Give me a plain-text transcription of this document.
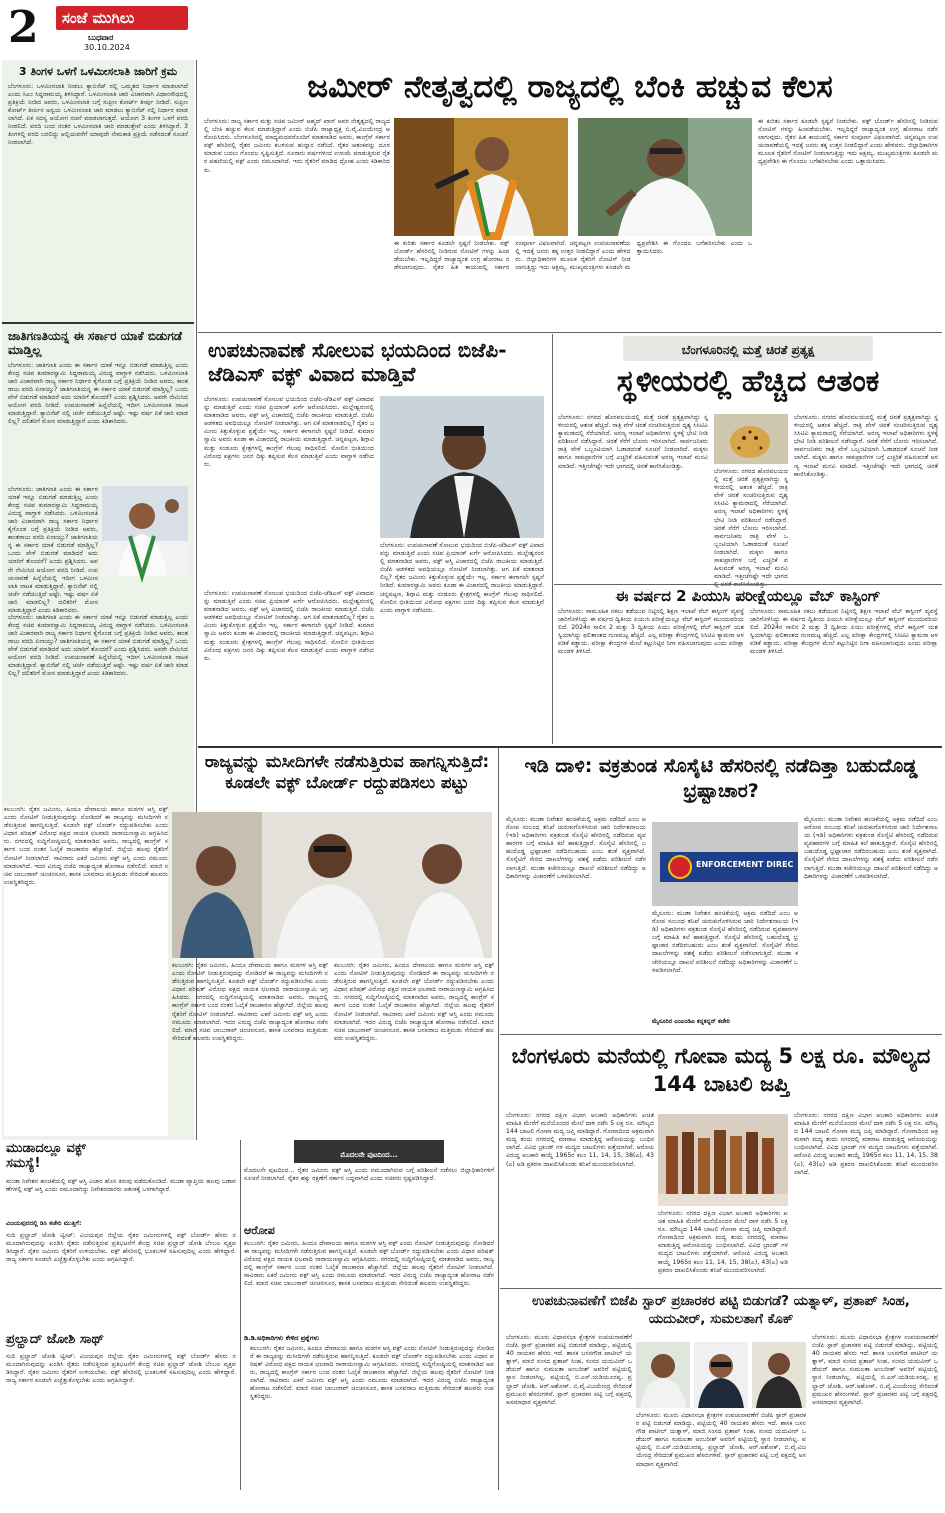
2	ಸಂಜೆ ಮುಗಿಲು
ಬುಧವಾರ
30.10.2024
3 ತಿಂಗಳ ಒಳಗೆ ಒಳಮೀಸಲಾತಿ ಜಾರಿಗೆ ಕ್ರಮ
ಬೆಂಗಳೂರು: ಒಳಮೀಸಲಾತಿ ನೀಡಲು ಕ್ಯಾಬಿನೆಟ್ ನಲ್ಲಿ ಒಮ್ಮತದ ನಿರ್ಧಾರ ಮಾಡಲಾಗಿದೆ ಎಂದು ಸಿಎಂ ಸಿದ್ದರಾಮಯ್ಯ ತಿಳಿಸಿದ್ದಾರೆ. ಒಳಮೀಸಲಾತಿ ಜಾರಿ ವಿಚಾರವಾಗಿ ವಿಧಾನಸೌಧದಲ್ಲಿ ಪ್ರತಿಕ್ರಿಯೆ ನೀಡಿದ ಅವರು, ಒಳಮೀಸಲಾತಿ ಬಗ್ಗೆ ಸುಪ್ರೀಂ ಕೋರ್ಟ್ ತೀರ್ಪು ನೀಡಿದೆ. ಸುಪ್ರೀಂ ಕೋರ್ಟ್ ತೀರ್ಪಿನ ಅನ್ವಯ ಒಳಮೀಸಲಾತಿ ಜಾರಿ ಮಾಡಲು ಕ್ಯಾಬಿನೆಟ್ ನಲ್ಲಿ ನಿರ್ಧಾರ ಮಾಡಲಾಗಿದೆ. ಏಕ ಸದಸ್ಯ ಆಯೋಗ ರಚನೆ ಮಾಡಲಾಗುತ್ತದೆ. ಆಯೋಗ 3 ತಿಂಗಳ ಒಳಗೆ ವರದಿ ನೀಡಲಿದೆ. ವರದಿ ಬಂದ ನಂತರ ಒಳಮೀಸಲಾತಿ ಜಾರಿ ಮಾಡುತ್ತೇವೆ ಎಂದು ತಿಳಿಸಿದ್ದಾರೆ. 3 ತಿಂಗಳಲ್ಲಿ ವರದಿ ಬರಲಿದ್ದು ಅಲ್ಲಿಯವರೆಗೆ ಯಾವುದೇ ನೇಮಕಾತಿ ಪ್ರಕ್ರಿಯೆ ನಡೆಸದಂತೆ ಸೂಚನೆ ನೀಡಲಾಗಿದೆ.
ಜಾತಿಗಣತಿಯನ್ನ ಈ ಸರ್ಕಾರ ಯಾಕೆ ಬಿಡುಗಡೆ ಮಾಡ್ತಿಲ್ಲ
ಬೆಂಗಳೂರು: ಜಾತಿಗಣತಿ ಎಂದು ಈ ಸರ್ಕಾರ ಯಾಕೆ ಇನ್ನೂ ಬಿಡುಗಡೆ ಮಾಡುತ್ತಿಲ್ಲ ಎಂದು ಕೇಂದ್ರ ಸಚಿವ ಕುಮಾರಸ್ವಾಮಿ ಸಿದ್ದರಾಮಯ್ಯ ವಿರುದ್ಧ ವಾಗ್ದಾಳಿ ನಡೆಸಿದರು. ಒಳಮೀಸಲಾತಿ ಜಾರಿ ವಿಚಾರವಾಗಿ ರಾಜ್ಯ ಸರ್ಕಾರ ನಿರ್ಧಾರ ಕೈಗೊಂಡ ಬಗ್ಗೆ ಪ್ರತಿಕ್ರಿಯೆ ನೀಡಿದ ಅವರು, ಕಾಂತರಾಜು ವರದಿ ಏನಾಯ್ತು? ಜಾತಿಗಣತಿಯನ್ನ ಈ ಸರ್ಕಾರ ಯಾಕೆ ಬಿಡುಗಡೆ ಮಾಡ್ತಿಲ್ಲ? ಒಂದು ವೇಳೆ ಬಿಡುಗಡೆ ಮಾಡಿದರೆ ಅದು ಯಾರಿಗೆ ತೊಂದರೆ? ಎಂದು ಪ್ರಶ್ನಿಸಿದರು. ಅವರೇ ನೇಮಿಸಿದ ಆಯೋಗ ವರದಿ ನೀಡಿದೆ. ಉಪಚುನಾವಣೆ ಹಿನ್ನೆಲೆಯಲ್ಲಿ ಇದೀಗ ಒಳಮೀಸಲಾತಿ ನಾಟಕ ಮಾಡುತ್ತಿದ್ದಾರೆ. ಕ್ಯಾಬಿನೆಟ್ ನಲ್ಲಿ ಚರ್ಚೆ ನಡೆಯುತ್ತಿದೆ ಅಷ್ಟೇ. ಇಷ್ಟು ವರ್ಷ ಏಕೆ ಜಾರಿ ಮಾಡಲಿಲ್ಲ? ದಲಿತರಿಗೆ ಮೋಸ ಮಾಡುತ್ತಿದ್ದಾರೆ ಎಂದು ಕಿಡಿಕಾರಿದರು.
ಬೆಂಗಳೂರು: ಜಾತಿಗಣತಿ ಎಂದು ಈ ಸರ್ಕಾರ ಯಾಕೆ ಇನ್ನೂ ಬಿಡುಗಡೆ ಮಾಡುತ್ತಿಲ್ಲ ಎಂದು ಕೇಂದ್ರ ಸಚಿವ ಕುಮಾರಸ್ವಾಮಿ ಸಿದ್ದರಾಮಯ್ಯ ವಿರುದ್ಧ ವಾಗ್ದಾಳಿ ನಡೆಸಿದರು. ಒಳಮೀಸಲಾತಿ ಜಾರಿ ವಿಚಾರವಾಗಿ ರಾಜ್ಯ ಸರ್ಕಾರ ನಿರ್ಧಾರ ಕೈಗೊಂಡ ಬಗ್ಗೆ ಪ್ರತಿಕ್ರಿಯೆ ನೀಡಿದ ಅವರು, ಕಾಂತರಾಜು ವರದಿ ಏನಾಯ್ತು? ಜಾತಿಗಣತಿಯನ್ನ ಈ ಸರ್ಕಾರ ಯಾಕೆ ಬಿಡುಗಡೆ ಮಾಡ್ತಿಲ್ಲ? ಒಂದು ವೇಳೆ ಬಿಡುಗಡೆ ಮಾಡಿದರೆ ಅದು ಯಾರಿಗೆ ತೊಂದರೆ? ಎಂದು ಪ್ರಶ್ನಿಸಿದರು. ಅವರೇ ನೇಮಿಸಿದ ಆಯೋಗ ವರದಿ ನೀಡಿದೆ. ಉಪಚುನಾವಣೆ ಹಿನ್ನೆಲೆಯಲ್ಲಿ ಇದೀಗ ಒಳಮೀಸಲಾತಿ ನಾಟಕ ಮಾಡುತ್ತಿದ್ದಾರೆ. ಕ್ಯಾಬಿನೆಟ್ ನಲ್ಲಿ ಚರ್ಚೆ ನಡೆಯುತ್ತಿದೆ ಅಷ್ಟೇ. ಇಷ್ಟು ವರ್ಷ ಏಕೆ ಜಾರಿ ಮಾಡಲಿಲ್ಲ? ದಲಿತರಿಗೆ ಮೋಸ ಮಾಡುತ್ತಿದ್ದಾರೆ ಎಂದು ಕಿಡಿಕಾರಿದರು.
ಬೆಂಗಳೂರು: ಜಾತಿಗಣತಿ ಎಂದು ಈ ಸರ್ಕಾರ ಯಾಕೆ ಇನ್ನೂ ಬಿಡುಗಡೆ ಮಾಡುತ್ತಿಲ್ಲ ಎಂದು ಕೇಂದ್ರ ಸಚಿವ ಕುಮಾರಸ್ವಾಮಿ ಸಿದ್ದರಾಮಯ್ಯ ವಿರುದ್ಧ ವಾಗ್ದಾಳಿ ನಡೆಸಿದರು. ಒಳಮೀಸಲಾತಿ ಜಾರಿ ವಿಚಾರವಾಗಿ ರಾಜ್ಯ ಸರ್ಕಾರ ನಿರ್ಧಾರ ಕೈಗೊಂಡ ಬಗ್ಗೆ ಪ್ರತಿಕ್ರಿಯೆ ನೀಡಿದ ಅವರು, ಕಾಂತರಾಜು ವರದಿ ಏನಾಯ್ತು? ಜಾತಿಗಣತಿಯನ್ನ ಈ ಸರ್ಕಾರ ಯಾಕೆ ಬಿಡುಗಡೆ ಮಾಡ್ತಿಲ್ಲ? ಒಂದು ವೇಳೆ ಬಿಡುಗಡೆ ಮಾಡಿದರೆ ಅದು ಯಾರಿಗೆ ತೊಂದರೆ? ಎಂದು ಪ್ರಶ್ನಿಸಿದರು. ಅವರೇ ನೇಮಿಸಿದ ಆಯೋಗ ವರದಿ ನೀಡಿದೆ. ಉಪಚುನಾವಣೆ ಹಿನ್ನೆಲೆಯಲ್ಲಿ ಇದೀಗ ಒಳಮೀಸಲಾತಿ ನಾಟಕ ಮಾಡುತ್ತಿದ್ದಾರೆ. ಕ್ಯಾಬಿನೆಟ್ ನಲ್ಲಿ ಚರ್ಚೆ ನಡೆಯುತ್ತಿದೆ ಅಷ್ಟೇ. ಇಷ್ಟು ವರ್ಷ ಏಕೆ ಜಾರಿ ಮಾಡಲಿಲ್ಲ? ದಲಿತರಿಗೆ ಮೋಸ ಮಾಡುತ್ತಿದ್ದಾರೆ ಎಂದು ಕಿಡಿಕಾರಿದರು.
ಮುಡಾದಲ್ಲೂ ವಕ್ಫ್ ಸಮಸ್ಯೆ!
ಮುಡಾ ನಿವೇಶನ ಹಂಚಿಕೆಯಲ್ಲಿ ವಕ್ಫ್ ಆಸ್ತಿ ವಿಚಾರ ಹೊಸ ತಿರುವು ಪಡೆದುಕೊಂಡಿದೆ. ಮುಡಾ ವ್ಯಾಪ್ತಿಯ ಹಲವು ಬಡಾವಣೆಗಳಲ್ಲಿ ವಕ್ಫ್ ಆಸ್ತಿ ಎಂದು ನಮೂದಾಗಿದ್ದು ನಿವೇಶನದಾರರು ಆತಂಕಕ್ಕೆ ಒಳಗಾಗಿದ್ದಾರೆ.
ವಿಜಯಪುರದಲ್ಲಿ ಡಿಸಿ ಕಚೇರಿ ಮುತ್ತಿಗೆ:
ಸುದಿ ಪ್ರಲ್ಹಾದ್ ಜೋಶಿ ಟ್ವೀಟ್: ವಿಜಯಪುರ ಜಿಲ್ಲೆಯ ರೈತರ ಜಮೀನುಗಳಲ್ಲಿ ವಕ್ಫ್ ಬೋರ್ಡ್ ಹೆಸರು ನಮೂದಾಗಿರುವುದನ್ನು ಖಂಡಿಸಿ ರೈತರು ನಡೆಸುತ್ತಿರುವ ಪ್ರತಿಭಟನೆಗೆ ಕೇಂದ್ರ ಸಚಿವ ಪ್ರಲ್ಹಾದ್ ಜೋಶಿ ಬೆಂಬಲ ವ್ಯಕ್ತಪಡಿಸಿದ್ದಾರೆ. ರೈತರ ಜಮೀನು ರೈತರಿಗೆ ಉಳಿಯಬೇಕು. ವಕ್ಫ್ ಹೆಸರಿನಲ್ಲಿ ಭೂಕಬಳಿಕೆ ಸಹಿಸುವುದಿಲ್ಲ ಎಂದು ಹೇಳಿದ್ದಾರೆ. ರಾಜ್ಯ ಸರ್ಕಾರ ಕೂಡಲೇ ಎಚ್ಚೆತ್ತುಕೊಳ್ಳಬೇಕು ಎಂದು ಆಗ್ರಹಿಸಿದ್ದಾರೆ.
ಪ್ರಲ್ಹಾದ್ ಜೋಶಿ ಸಾಥ್
ಸುದಿ ಪ್ರಲ್ಹಾದ್ ಜೋಶಿ ಟ್ವೀಟ್: ವಿಜಯಪುರ ಜಿಲ್ಲೆಯ ರೈತರ ಜಮೀನುಗಳಲ್ಲಿ ವಕ್ಫ್ ಬೋರ್ಡ್ ಹೆಸರು ನಮೂದಾಗಿರುವುದನ್ನು ಖಂಡಿಸಿ ರೈತರು ನಡೆಸುತ್ತಿರುವ ಪ್ರತಿಭಟನೆಗೆ ಕೇಂದ್ರ ಸಚಿವ ಪ್ರಲ್ಹಾದ್ ಜೋಶಿ ಬೆಂಬಲ ವ್ಯಕ್ತಪಡಿಸಿದ್ದಾರೆ. ರೈತರ ಜಮೀನು ರೈತರಿಗೆ ಉಳಿಯಬೇಕು. ವಕ್ಫ್ ಹೆಸರಿನಲ್ಲಿ ಭೂಕಬಳಿಕೆ ಸಹಿಸುವುದಿಲ್ಲ ಎಂದು ಹೇಳಿದ್ದಾರೆ. ರಾಜ್ಯ ಸರ್ಕಾರ ಕೂಡಲೇ ಎಚ್ಚೆತ್ತುಕೊಳ್ಳಬೇಕು ಎಂದು ಆಗ್ರಹಿಸಿದ್ದಾರೆ.
ಜಮೀರ್ ನೇತೃತ್ವದಲ್ಲಿ ರಾಜ್ಯದಲ್ಲಿ ಬೆಂಕಿ ಹಚ್ಚುವ ಕೆಲಸ
ಬೆಂಗಳೂರು: ರಾಜ್ಯ ಸರ್ಕಾರ ಮತ್ತು ಸಚಿವ ಜಮೀರ್ ಅಹ್ಮದ್ ಖಾನ್ ಅವರ ನೇತೃತ್ವದಲ್ಲಿ ರಾಜ್ಯದಲ್ಲಿ ಬೆಂಕಿ ಹಚ್ಚುವ ಕೆಲಸ ಮಾಡುತ್ತಿದ್ದಾರೆ ಎಂದು ಬಿಜೆಪಿ ರಾಜ್ಯಾಧ್ಯಕ್ಷ ಬಿ.ವೈ.ವಿಜಯೇಂದ್ರ ಆರೋಪಿಸಿದರು. ಬೆಂಗಳೂರಿನಲ್ಲಿ ಮಾಧ್ಯಮದವರೊಂದಿಗೆ ಮಾತನಾಡಿದ ಅವರು, ಕಾಂಗ್ರೆಸ್ ಸರ್ಕಾರ ವಕ್ಫ್ ಹೆಸರಿನಲ್ಲಿ ರೈತರ ಜಮೀನು ಕಬಳಿಸುವ ಹುನ್ನಾರ ನಡೆಸಿದೆ. ರೈತರ ಆತಂಕವನ್ನು ದೂರ ಮಾಡುವ ಬದಲು ಗೊಂದಲ ಸೃಷ್ಟಿಸುತ್ತಿದೆ. ನೂರಾರು ವರ್ಷಗಳಿಂದ ಉಳುಮೆ ಮಾಡುತ್ತಿರುವ ರೈತರ ಪಹಣಿಯಲ್ಲಿ ವಕ್ಫ್ ಎಂದು ನಮೂದಾಗಿದೆ. ಇದು ರೈತರಿಗೆ ಮಾಡಿದ ದ್ರೋಹ ಎಂದು ಕಿಡಿಕಾರಿದರು.
ಈ ಕುರಿತು ಸರ್ಕಾರ ಕೂಡಲೇ ಸ್ಪಷ್ಟನೆ ನೀಡಬೇಕು. ವಕ್ಫ್ ಬೋರ್ಡ್ ಹೆಸರಿನಲ್ಲಿ ನೀಡಿರುವ ನೋಟಿಸ್ ಗಳನ್ನು ಹಿಂಪಡೆಯಬೇಕು. ಇಲ್ಲದಿದ್ದರೆ ರಾಜ್ಯಾದ್ಯಂತ ಉಗ್ರ ಹೋರಾಟ ನಡೆಸಲಾಗುವುದು. ರೈತರ ಹಿತ ಕಾಯುವಲ್ಲಿ ಸರ್ಕಾರ ಸಂಪೂರ್ಣ ವಿಫಲವಾಗಿದೆ. ಚನ್ನಪಟ್ಟಣ ಉಪಚುನಾವಣೆಯಲ್ಲಿ ಇದಕ್ಕೆ ಜನರು ತಕ್ಕ ಉತ್ತರ ನೀಡಲಿದ್ದಾರೆ ಎಂದು ಹೇಳಿದರು. ಜಿಲ್ಲಾಧಿಕಾರಿಗಳ ಮೂಲಕ ರೈತರಿಗೆ ನೋಟಿಸ್ ನೀಡಲಾಗುತ್ತಿದ್ದು ಇದು ಅಕ್ಷಮ್ಯ. ಮುಖ್ಯಮಂತ್ರಿಗಳು ಕೂಡಲೇ ಮಧ್ಯಪ್ರವೇಶಿಸಿ ಈ ಗೊಂದಲ ಬಗೆಹರಿಸಬೇಕು ಎಂದು ಒತ್ತಾಯಿಸಿದರು.
ಈ ಕುರಿತು ಸರ್ಕಾರ ಕೂಡಲೇ ಸ್ಪಷ್ಟನೆ ನೀಡಬೇಕು. ವಕ್ಫ್ ಬೋರ್ಡ್ ಹೆಸರಿನಲ್ಲಿ ನೀಡಿರುವ ನೋಟಿಸ್ ಗಳನ್ನು ಹಿಂಪಡೆಯಬೇಕು. ಇಲ್ಲದಿದ್ದರೆ ರಾಜ್ಯಾದ್ಯಂತ ಉಗ್ರ ಹೋರಾಟ ನಡೆಸಲಾಗುವುದು. ರೈತರ ಹಿತ ಕಾಯುವಲ್ಲಿ ಸರ್ಕಾರ ಸಂಪೂರ್ಣ ವಿಫಲವಾಗಿದೆ. ಚನ್ನಪಟ್ಟಣ ಉಪಚುನಾವಣೆಯಲ್ಲಿ ಇದಕ್ಕೆ ಜನರು ತಕ್ಕ ಉತ್ತರ ನೀಡಲಿದ್ದಾರೆ ಎಂದು ಹೇಳಿದರು. ಜಿಲ್ಲಾಧಿಕಾರಿಗಳ ಮೂಲಕ ರೈತರಿಗೆ ನೋಟಿಸ್ ನೀಡಲಾಗುತ್ತಿದ್ದು ಇದು ಅಕ್ಷಮ್ಯ. ಮುಖ್ಯಮಂತ್ರಿಗಳು ಕೂಡಲೇ ಮಧ್ಯಪ್ರವೇಶಿಸಿ ಈ ಗೊಂದಲ ಬಗೆಹರಿಸಬೇಕು ಎಂದು ಒತ್ತಾಯಿಸಿದರು.
ಉಪಚುನಾವಣೆ ಸೋಲುವ ಭಯದಿಂದ ಬಿಜೆಪಿ-ಜೆಡಿಎಸ್ ವಕ್ಫ್ ವಿವಾದ ಮಾಡ್ತಿವೆ
ಬೆಂಗಳೂರು: ಉಪಚುನಾವಣೆ ಸೋಲುವ ಭಯದಿಂದ ಬಿಜೆಪಿ-ಜೆಡಿಎಸ್ ವಕ್ಫ್ ವಿವಾದವನ್ನು ಮಾಡುತ್ತಿವೆ ಎಂದು ಸಚಿವ ಪ್ರಿಯಾಂಕ್ ಖರ್ಗೆ ಆರೋಪಿಸಿದರು. ಮಲ್ಲೇಶ್ವರಂನಲ್ಲಿ ಮಾತನಾಡಿದ ಅವರು, ವಕ್ಫ್ ಆಸ್ತಿ ವಿಚಾರದಲ್ಲಿ ಬಿಜೆಪಿ ರಾಜಕೀಯ ಮಾಡುತ್ತಿದೆ. ಬಿಜೆಪಿ ಆಡಳಿತದ ಅವಧಿಯಲ್ಲೂ ನೋಟಿಸ್ ನೀಡಲಾಗಿತ್ತು. ಆಗ ಏಕೆ ಮಾತನಾಡಲಿಲ್ಲ? ರೈತರ ಜಮೀನು ಕಿತ್ತುಕೊಳ್ಳುವ ಪ್ರಶ್ನೆಯೇ ಇಲ್ಲ. ಸರ್ಕಾರ ಈಗಾಗಲೇ ಸ್ಪಷ್ಟನೆ ನೀಡಿದೆ. ಕುಮಾರಸ್ವಾಮಿ ಅವರು ಕೂಡಾ ಈ ವಿಚಾರದಲ್ಲಿ ರಾಜಕೀಯ ಮಾಡುತ್ತಿದ್ದಾರೆ. ಚನ್ನಪಟ್ಟಣ, ಶಿಗ್ಗಾವಿ ಮತ್ತು ಸಂಡೂರು ಕ್ಷೇತ್ರಗಳಲ್ಲಿ ಕಾಂಗ್ರೆಸ್ ಗೆಲುವು ಸಾಧಿಸಲಿದೆ. ಸೋಲಿನ ಭೀತಿಯಿಂದ ವಿರೋಧ ಪಕ್ಷಗಳು ಜನರ ದಿಕ್ಕು ತಪ್ಪಿಸುವ ಕೆಲಸ ಮಾಡುತ್ತಿವೆ ಎಂದು ವಾಗ್ದಾಳಿ ನಡೆಸಿದರು.
ಬೆಂಗಳೂರು: ಉಪಚುನಾವಣೆ ಸೋಲುವ ಭಯದಿಂದ ಬಿಜೆಪಿ-ಜೆಡಿಎಸ್ ವಕ್ಫ್ ವಿವಾದವನ್ನು ಮಾಡುತ್ತಿವೆ ಎಂದು ಸಚಿವ ಪ್ರಿಯಾಂಕ್ ಖರ್ಗೆ ಆರೋಪಿಸಿದರು. ಮಲ್ಲೇಶ್ವರಂನಲ್ಲಿ ಮಾತನಾಡಿದ ಅವರು, ವಕ್ಫ್ ಆಸ್ತಿ ವಿಚಾರದಲ್ಲಿ ಬಿಜೆಪಿ ರಾಜಕೀಯ ಮಾಡುತ್ತಿದೆ. ಬಿಜೆಪಿ ಆಡಳಿತದ ಅವಧಿಯಲ್ಲೂ ನೋಟಿಸ್ ನೀಡಲಾಗಿತ್ತು. ಆಗ ಏಕೆ ಮಾತನಾಡಲಿಲ್ಲ? ರೈತರ ಜಮೀನು ಕಿತ್ತುಕೊಳ್ಳುವ ಪ್ರಶ್ನೆಯೇ ಇಲ್ಲ. ಸರ್ಕಾರ ಈಗಾಗಲೇ ಸ್ಪಷ್ಟನೆ ನೀಡಿದೆ. ಕುಮಾರಸ್ವಾಮಿ ಅವರು ಕೂಡಾ ಈ ವಿಚಾರದಲ್ಲಿ ರಾಜಕೀಯ ಮಾಡುತ್ತಿದ್ದಾರೆ. ಚನ್ನಪಟ್ಟಣ, ಶಿಗ್ಗಾವಿ ಮತ್ತು ಸಂಡೂರು ಕ್ಷೇತ್ರಗಳಲ್ಲಿ ಕಾಂಗ್ರೆಸ್ ಗೆಲುವು ಸಾಧಿಸಲಿದೆ. ಸೋಲಿನ ಭೀತಿಯಿಂದ ವಿರೋಧ ಪಕ್ಷಗಳು ಜನರ ದಿಕ್ಕು ತಪ್ಪಿಸುವ ಕೆಲಸ ಮಾಡುತ್ತಿವೆ ಎಂದು ವಾಗ್ದಾಳಿ ನಡೆಸಿದರು.
ಬೆಂಗಳೂರು: ಉಪಚುನಾವಣೆ ಸೋಲುವ ಭಯದಿಂದ ಬಿಜೆಪಿ-ಜೆಡಿಎಸ್ ವಕ್ಫ್ ವಿವಾದವನ್ನು ಮಾಡುತ್ತಿವೆ ಎಂದು ಸಚಿವ ಪ್ರಿಯಾಂಕ್ ಖರ್ಗೆ ಆರೋಪಿಸಿದರು. ಮಲ್ಲೇಶ್ವರಂನಲ್ಲಿ ಮಾತನಾಡಿದ ಅವರು, ವಕ್ಫ್ ಆಸ್ತಿ ವಿಚಾರದಲ್ಲಿ ಬಿಜೆಪಿ ರಾಜಕೀಯ ಮಾಡುತ್ತಿದೆ. ಬಿಜೆಪಿ ಆಡಳಿತದ ಅವಧಿಯಲ್ಲೂ ನೋಟಿಸ್ ನೀಡಲಾಗಿತ್ತು. ಆಗ ಏಕೆ ಮಾತನಾಡಲಿಲ್ಲ? ರೈತರ ಜಮೀನು ಕಿತ್ತುಕೊಳ್ಳುವ ಪ್ರಶ್ನೆಯೇ ಇಲ್ಲ. ಸರ್ಕಾರ ಈಗಾಗಲೇ ಸ್ಪಷ್ಟನೆ ನೀಡಿದೆ. ಕುಮಾರಸ್ವಾಮಿ ಅವರು ಕೂಡಾ ಈ ವಿಚಾರದಲ್ಲಿ ರಾಜಕೀಯ ಮಾಡುತ್ತಿದ್ದಾರೆ. ಚನ್ನಪಟ್ಟಣ, ಶಿಗ್ಗಾವಿ ಮತ್ತು ಸಂಡೂರು ಕ್ಷೇತ್ರಗಳಲ್ಲಿ ಕಾಂಗ್ರೆಸ್ ಗೆಲುವು ಸಾಧಿಸಲಿದೆ. ಸೋಲಿನ ಭೀತಿಯಿಂದ ವಿರೋಧ ಪಕ್ಷಗಳು ಜನರ ದಿಕ್ಕು ತಪ್ಪಿಸುವ ಕೆಲಸ ಮಾಡುತ್ತಿವೆ ಎಂದು ವಾಗ್ದಾಳಿ ನಡೆಸಿದರು.
ಬೆಂಗಳೂರಿನಲ್ಲಿ ಮತ್ತೆ ಚಿರತೆ ಪ್ರತ್ಯಕ್ಷ
ಸ್ಥಳೀಯರಲ್ಲಿ ಹೆಚ್ಚಿದ ಆತಂಕ
ಬೆಂಗಳೂರು: ನಗರದ ಹೊರವಲಯದಲ್ಲಿ ಮತ್ತೆ ಚಿರತೆ ಪ್ರತ್ಯಕ್ಷವಾಗಿದ್ದು ಸ್ಥಳೀಯರಲ್ಲಿ ಆತಂಕ ಹೆಚ್ಚಿದೆ. ರಾತ್ರಿ ವೇಳೆ ಚಿರತೆ ಸಂಚರಿಸುತ್ತಿರುವ ದೃಶ್ಯ ಸಿಸಿಟಿವಿ ಕ್ಯಾಮರಾದಲ್ಲಿ ಸೆರೆಯಾಗಿದೆ. ಅರಣ್ಯ ಇಲಾಖೆ ಅಧಿಕಾರಿಗಳು ಸ್ಥಳಕ್ಕೆ ಭೇಟಿ ನೀಡಿ ಪರಿಶೀಲನೆ ನಡೆಸಿದ್ದಾರೆ. ಚಿರತೆ ಸೆರೆಗೆ ಬೋನು ಇರಿಸಲಾಗಿದೆ. ಸಾರ್ವಜನಿಕರು ರಾತ್ರಿ ವೇಳೆ ಒಬ್ಬಂಟಿಯಾಗಿ ಓಡಾಡದಂತೆ ಸೂಚನೆ ನೀಡಲಾಗಿದೆ. ಮಕ್ಕಳು ಹಾಗೂ ಸಾಕುಪ್ರಾಣಿಗಳ ಬಗ್ಗೆ ಎಚ್ಚರಿಕೆ ವಹಿಸುವಂತೆ ಅರಣ್ಯ ಇಲಾಖೆ ಮನವಿ ಮಾಡಿದೆ. ಇತ್ತೀಚೆಗಷ್ಟೇ ಇದೇ ಭಾಗದಲ್ಲಿ ಚಿರತೆ ಕಾಣಿಸಿಕೊಂಡಿತ್ತು.
ಬೆಂಗಳೂರು: ನಗರದ ಹೊರವಲಯದಲ್ಲಿ ಮತ್ತೆ ಚಿರತೆ ಪ್ರತ್ಯಕ್ಷವಾಗಿದ್ದು ಸ್ಥಳೀಯರಲ್ಲಿ ಆತಂಕ ಹೆಚ್ಚಿದೆ. ರಾತ್ರಿ ವೇಳೆ ಚಿರತೆ ಸಂಚರಿಸುತ್ತಿರುವ ದೃಶ್ಯ ಸಿಸಿಟಿವಿ ಕ್ಯಾಮರಾದಲ್ಲಿ ಸೆರೆಯಾಗಿದೆ. ಅರಣ್ಯ ಇಲಾಖೆ ಅಧಿಕಾರಿಗಳು ಸ್ಥಳಕ್ಕೆ ಭೇಟಿ ನೀಡಿ ಪರಿಶೀಲನೆ ನಡೆಸಿದ್ದಾರೆ. ಚಿರತೆ ಸೆರೆಗೆ ಬೋನು ಇರಿಸಲಾಗಿದೆ. ಸಾರ್ವಜನಿಕರು ರಾತ್ರಿ ವೇಳೆ ಒಬ್ಬಂಟಿಯಾಗಿ ಓಡಾಡದಂತೆ ಸೂಚನೆ ನೀಡಲಾಗಿದೆ. ಮಕ್ಕಳು ಹಾಗೂ ಸಾಕುಪ್ರಾಣಿಗಳ ಬಗ್ಗೆ ಎಚ್ಚರಿಕೆ ವಹಿಸುವಂತೆ ಅರಣ್ಯ ಇಲಾಖೆ ಮನವಿ ಮಾಡಿದೆ. ಇತ್ತೀಚೆಗಷ್ಟೇ ಇದೇ ಭಾಗದ
ಬೆಂಗಳೂರು: ನಗರದ ಹೊರವಲಯದಲ್ಲಿ ಮತ್ತೆ ಚಿರತೆ ಪ್ರತ್ಯಕ್ಷವಾಗಿದ್ದು ಸ್ಥಳೀಯರಲ್ಲಿ ಆತಂಕ ಹೆಚ್ಚಿದೆ. ರಾತ್ರಿ ವೇಳೆ ಚಿರತೆ ಸಂಚರಿಸುತ್ತಿರುವ ದೃಶ್ಯ ಸಿಸಿಟಿವಿ ಕ್ಯಾಮರಾದಲ್ಲಿ ಸೆರೆಯಾಗಿದೆ. ಅರಣ್ಯ ಇಲಾಖೆ ಅಧಿಕಾರಿಗಳು ಸ್ಥಳಕ್ಕೆ ಭೇಟಿ ನೀಡಿ ಪರಿಶೀಲನೆ ನಡೆಸಿದ್ದಾರೆ. ಚಿರತೆ ಸೆರೆಗೆ ಬೋನು ಇರಿಸಲಾಗಿದೆ. ಸಾರ್ವಜನಿಕರು ರಾತ್ರಿ ವೇಳೆ ಒಬ್ಬಂಟಿಯಾಗಿ ಓಡಾಡದಂತೆ ಸೂಚನೆ ನೀಡಲಾಗಿದೆ. ಮಕ್ಕಳು ಹಾಗೂ ಸಾಕುಪ್ರಾಣಿಗಳ ಬಗ್ಗೆ ಎಚ್ಚರಿಕೆ ವಹಿಸುವಂತೆ ಅರಣ್ಯ ಇಲಾಖೆ ಮನವಿ ಮಾಡಿದೆ. ಇತ್ತೀಚೆಗಷ್ಟೇ ಇದೇ ಭಾಗದಲ್ಲಿ ಚಿರತೆ ಕಾಣಿಸಿಕೊಂಡಿತ್ತು.
ಈ ವರ್ಷದ 2 ಪಿಯುಸಿ ಪರೀಕ್ಷೆಯಲ್ಲೂ ವೆಬ್ ಕಾಸ್ಟಿಂಗ್
ಬೆಂಗಳೂರು: ಸಾಮೂಹಿಕ ನಕಲು ತಡೆಯುವ ನಿಟ್ಟಿನಲ್ಲಿ ಶಿಕ್ಷಣ ಇಲಾಖೆ ವೆಬ್ ಕಾಸ್ಟಿಂಗ್ ವ್ಯವಸ್ಥೆ ಜಾರಿಗೊಳಿಸಿದ್ದು ಈ ವರ್ಷದ ದ್ವಿತೀಯ ಪಿಯುಸಿ ಪರೀಕ್ಷೆಯಲ್ಲೂ ವೆಬ್ ಕಾಸ್ಟಿಂಗ್ ಮುಂದುವರಿಯಲಿದೆ. 2024ರ ಸಾಲಿನ 2 ಮತ್ತು 3 ದ್ವಿತೀಯ ಪಿಯು ಪರೀಕ್ಷೆಗಳಲ್ಲಿ ವೆಬ್ ಕಾಸ್ಟಿಂಗ್ ಯಶಸ್ವಿಯಾಗಿದ್ದು ಫಲಿತಾಂಶದ ಗುಣಮಟ್ಟ ಹೆಚ್ಚಿದೆ. ಎಲ್ಲ ಪರೀಕ್ಷಾ ಕೇಂದ್ರಗಳಲ್ಲಿ ಸಿಸಿಟಿವಿ ಕ್ಯಾಮರಾ ಅಳವಡಿಕೆ ಕಡ್ಡಾಯ. ಪರೀಕ್ಷಾ ಕೇಂದ್ರಗಳ ಮೇಲೆ ಕಟ್ಟುನಿಟ್ಟಿನ ನಿಗಾ ವಹಿಸಲಾಗುವುದು ಎಂದು ಪರೀಕ್ಷಾ ಮಂಡಳಿ ತಿಳಿಸಿದೆ.
ಬೆಂಗಳೂರು: ಸಾಮೂಹಿಕ ನಕಲು ತಡೆಯುವ ನಿಟ್ಟಿನಲ್ಲಿ ಶಿಕ್ಷಣ ಇಲಾಖೆ ವೆಬ್ ಕಾಸ್ಟಿಂಗ್ ವ್ಯವಸ್ಥೆ ಜಾರಿಗೊಳಿಸಿದ್ದು ಈ ವರ್ಷದ ದ್ವಿತೀಯ ಪಿಯುಸಿ ಪರೀಕ್ಷೆಯಲ್ಲೂ ವೆಬ್ ಕಾಸ್ಟಿಂಗ್ ಮುಂದುವರಿಯಲಿದೆ. 2024ರ ಸಾಲಿನ 2 ಮತ್ತು 3 ದ್ವಿತೀಯ ಪಿಯು ಪರೀಕ್ಷೆಗಳಲ್ಲಿ ವೆಬ್ ಕಾಸ್ಟಿಂಗ್ ಯಶಸ್ವಿಯಾಗಿದ್ದು ಫಲಿತಾಂಶದ ಗುಣಮಟ್ಟ ಹೆಚ್ಚಿದೆ. ಎಲ್ಲ ಪರೀಕ್ಷಾ ಕೇಂದ್ರಗಳಲ್ಲಿ ಸಿಸಿಟಿವಿ ಕ್ಯಾಮರಾ ಅಳವಡಿಕೆ ಕಡ್ಡಾಯ. ಪರೀಕ್ಷಾ ಕೇಂದ್ರಗಳ ಮೇಲೆ ಕಟ್ಟುನಿಟ್ಟಿನ ನಿಗಾ ವಹಿಸಲಾಗುವುದು ಎಂದು ಪರೀಕ್ಷಾ ಮಂಡಳಿ ತಿಳಿಸಿದೆ.
ರಾಜ್ಯವನ್ನು ಮಸೀದಿಗಳೇ ನಡೆಸುತ್ತಿರುವ ಹಾಗನ್ನಿಸುತ್ತಿದೆ: ಕೂಡಲೇ ವಕ್ಫ್ ಬೋರ್ಡ್ ರದ್ದುಪಡಿಸಲು ಪಟ್ಟು
ಕಲಬುರಗಿ: ರೈತರ ಜಮೀನು, ಹಿಂದೂ ದೇವಾಲಯ ಹಾಗೂ ಮಠಗಳ ಆಸ್ತಿ ವಕ್ಫ್ ಎಂದು ನೋಟಿಸ್ ನೀಡುತ್ತಿರುವುದನ್ನು ನೋಡಿದರೆ ಈ ರಾಜ್ಯವನ್ನು ಮಸೀದಿಗಳೇ ನಡೆಸುತ್ತಿರುವ ಹಾಗನ್ನಿಸುತ್ತಿದೆ. ಕೂಡಲೇ ವಕ್ಫ್ ಬೋರ್ಡ್ ರದ್ದುಪಡಿಸಬೇಕು ಎಂದು ವಿಧಾನ ಪರಿಷತ್ ವಿರೋಧ ಪಕ್ಷದ ನಾಯಕ ಛಲವಾದಿ ನಾರಾಯಣಸ್ವಾಮಿ ಆಗ್ರಹಿಸಿದರು. ನಗರದಲ್ಲಿ ಸುದ್ದಿಗೋಷ್ಠಿಯಲ್ಲಿ ಮಾತನಾಡಿದ ಅವರು, ರಾಜ್ಯದಲ್ಲಿ ಕಾಂಗ್ರೆಸ್ ಸರ್ಕಾರ ಬಂದ ನಂತರ ಓಲೈಕೆ ರಾಜಕಾರಣ ಹೆಚ್ಚಾಗಿದೆ. ಜಿಲ್ಲೆಯ ಹಲವು ರೈತರಿಗೆ ನೋಟಿಸ್ ನೀಡಲಾಗಿದೆ. ಸಾವಿರಾರು ಎಕರೆ ಜಮೀನು ವಕ್ಫ್ ಆಸ್ತಿ ಎಂದು ನಮೂದು ಮಾಡಲಾಗಿದೆ. ಇದರ ವಿರುದ್ಧ ಬಿಜೆಪಿ ರಾಜ್ಯಾದ್ಯಂತ ಹೋರಾಟ ನಡೆಸಲಿದೆ. ಮಾಜಿ ಸಚಿವ ಬಾಬುರಾವ್ ಚಿಂಚನಸೂರ, ಶಾಸಕ ಬಸವರಾಜ ಮತ್ತಿಮಡು ಸೇರಿದಂತೆ ಹಲವರು ಉಪಸ್ಥಿತರಿದ್ದರು.
ಕಲಬುರಗಿ: ರೈತರ ಜಮೀನು, ಹಿಂದೂ ದೇವಾಲಯ ಹಾಗೂ ಮಠಗಳ ಆಸ್ತಿ ವಕ್ಫ್ ಎಂದು ನೋಟಿಸ್ ನೀಡುತ್ತಿರುವುದನ್ನು ನೋಡಿದರೆ ಈ ರಾಜ್ಯವನ್ನು ಮಸೀದಿಗಳೇ ನಡೆಸುತ್ತಿರುವ ಹಾಗನ್ನಿಸುತ್ತಿದೆ. ಕೂಡಲೇ ವಕ್ಫ್ ಬೋರ್ಡ್ ರದ್ದುಪಡಿಸಬೇಕು ಎಂದು ವಿಧಾನ ಪರಿಷತ್ ವಿರೋಧ ಪಕ್ಷದ ನಾಯಕ ಛಲವಾದಿ ನಾರಾಯಣಸ್ವಾಮಿ ಆಗ್ರಹಿಸಿದರು. ನಗರದಲ್ಲಿ ಸುದ್ದಿಗೋಷ್ಠಿಯಲ್ಲಿ ಮಾತನಾಡಿದ ಅವರು, ರಾಜ್ಯದಲ್ಲಿ ಕಾಂಗ್ರೆಸ್ ಸರ್ಕಾರ ಬಂದ ನಂತರ ಓಲೈಕೆ ರಾಜಕಾರಣ ಹೆಚ್ಚಾಗಿದೆ. ಜಿಲ್ಲೆಯ ಹಲವು ರೈತರಿಗೆ ನೋಟಿಸ್ ನೀಡಲಾಗಿದೆ. ಸಾವಿರಾರು ಎಕರೆ ಜಮೀನು ವಕ್ಫ್ ಆಸ್ತಿ ಎಂದು ನಮೂದು ಮಾಡಲಾಗಿದೆ. ಇದರ ವಿರುದ್ಧ ಬಿಜೆಪಿ ರಾಜ್ಯಾದ್ಯಂತ ಹೋರಾಟ ನಡೆಸಲಿದೆ. ಮಾಜಿ ಸಚಿವ ಬಾಬುರಾವ್ ಚಿಂಚನಸೂರ, ಶಾಸಕ ಬಸವರಾಜ ಮತ್ತಿಮಡು ಸೇರಿದಂತೆ ಹಲವರು ಉಪಸ್ಥಿತರಿದ್ದರು.
ಕಲಬುರಗಿ: ರೈತರ ಜಮೀನು, ಹಿಂದೂ ದೇವಾಲಯ ಹಾಗೂ ಮಠಗಳ ಆಸ್ತಿ ವಕ್ಫ್ ಎಂದು ನೋಟಿಸ್ ನೀಡುತ್ತಿರುವುದನ್ನು ನೋಡಿದರೆ ಈ ರಾಜ್ಯವನ್ನು ಮಸೀದಿಗಳೇ ನಡೆಸುತ್ತಿರುವ ಹಾಗನ್ನಿಸುತ್ತಿದೆ. ಕೂಡಲೇ ವಕ್ಫ್ ಬೋರ್ಡ್ ರದ್ದುಪಡಿಸಬೇಕು ಎಂದು ವಿಧಾನ ಪರಿಷತ್ ವಿರೋಧ ಪಕ್ಷದ ನಾಯಕ ಛಲವಾದಿ ನಾರಾಯಣಸ್ವಾಮಿ ಆಗ್ರಹಿಸಿದರು. ನಗರದಲ್ಲಿ ಸುದ್ದಿಗೋಷ್ಠಿಯಲ್ಲಿ ಮಾತನಾಡಿದ ಅವರು, ರಾಜ್ಯದಲ್ಲಿ ಕಾಂಗ್ರೆಸ್ ಸರ್ಕಾರ ಬಂದ ನಂತರ ಓಲೈಕೆ ರಾಜಕಾರಣ ಹೆಚ್ಚಾಗಿದೆ. ಜಿಲ್ಲೆಯ ಹಲವು ರೈತರಿಗೆ ನೋಟಿಸ್ ನೀಡಲಾಗಿದೆ. ಸಾವಿರಾರು ಎಕರೆ ಜಮೀನು ವಕ್ಫ್ ಆಸ್ತಿ ಎಂದು ನಮೂದು ಮಾಡಲಾಗಿದೆ. ಇದರ ವಿರುದ್ಧ ಬಿಜೆಪಿ ರಾಜ್ಯಾದ್ಯಂತ ಹೋರಾಟ ನಡೆಸಲಿದೆ. ಮಾಜಿ ಸಚಿವ ಬಾಬುರಾವ್ ಚಿಂಚನಸೂರ, ಶಾಸಕ ಬಸವರಾಜ ಮತ್ತಿಮಡು ಸೇರಿದಂತೆ ಹಲವರು ಉಪಸ್ಥಿತರಿದ್ದರು.
ಇಡಿ ದಾಳಿ: ವಕ್ರತುಂಡ ಸೊಸೈಟಿ ಹೆಸರಿನಲ್ಲಿ ನಡೆದಿತ್ತಾ ಬಹುದೊಡ್ಡ ಭ್ರಷ್ಟಾಚಾರ?
ಮೈಸೂರು: ಮುಡಾ ನಿವೇಶನ ಹಂಚಿಕೆಯಲ್ಲಿ ಅಕ್ರಮ ನಡೆದಿದೆ ಎಂಬ ಆರೋಪ ಸಂಬಂಧ ತನಿಖೆ ಚುರುಕುಗೊಳಿಸಿರುವ ಜಾರಿ ನಿರ್ದೇಶನಾಲಯ (ಇಡಿ) ಅಧಿಕಾರಿಗಳು ವಕ್ರತುಂಡ ಸೊಸೈಟಿ ಹೆಸರಿನಲ್ಲಿ ನಡೆದಿರುವ ವ್ಯವಹಾರಗಳ ಬಗ್ಗೆ ಮಾಹಿತಿ ಕಲೆ ಹಾಕುತ್ತಿದ್ದಾರೆ. ಸೊಸೈಟಿ ಹೆಸರಿನಲ್ಲಿ ಬಹುದೊಡ್ಡ ಭ್ರಷ್ಟಾಚಾರ ನಡೆದಿರಬಹುದು ಎಂಬ ಶಂಕೆ ವ್ಯಕ್ತವಾಗಿದೆ. ಸೊಸೈಟಿಗೆ ಸೇರಿದ ದಾಖಲೆಗಳನ್ನು ವಶಕ್ಕೆ ಪಡೆದು ಪರಿಶೀಲನೆ ನಡೆಸಲಾಗುತ್ತಿದೆ. ಮುಡಾ ಕಚೇರಿಯಲ್ಲೂ ದಾಖಲೆ ಪರಿಶೀಲನೆ ನಡೆದಿದ್ದು ಅಧಿಕಾರಿಗಳನ್ನು ವಿಚಾರಣೆಗೆ ಒಳಪಡಿಸಲಾಗಿದೆ.
ENFORCEMENT DIREC
ಮೈಸೂರು: ಮುಡಾ ನಿವೇಶನ ಹಂಚಿಕೆಯಲ್ಲಿ ಅಕ್ರಮ ನಡೆದಿದೆ ಎಂಬ ಆರೋಪ ಸಂಬಂಧ ತನಿಖೆ ಚುರುಕುಗೊಳಿಸಿರುವ ಜಾರಿ ನಿರ್ದೇಶನಾಲಯ (ಇಡಿ) ಅಧಿಕಾರಿಗಳು ವಕ್ರತುಂಡ ಸೊಸೈಟಿ ಹೆಸರಿನಲ್ಲಿ ನಡೆದಿರುವ ವ್ಯವಹಾರಗಳ ಬಗ್ಗೆ ಮಾಹಿತಿ ಕಲೆ ಹಾಕುತ್ತಿದ್ದಾರೆ. ಸೊಸೈಟಿ ಹೆಸರಿನಲ್ಲಿ ಬಹುದೊಡ್ಡ ಭ್ರಷ್ಟಾಚಾರ ನಡೆದಿರಬಹುದು ಎಂಬ ಶಂಕೆ ವ್ಯಕ್ತವಾಗಿದೆ. ಸೊಸೈಟಿಗೆ ಸೇರಿದ ದಾಖಲೆಗಳನ್ನು ವಶಕ್ಕೆ ಪಡೆದು ಪರಿಶೀಲನೆ ನಡೆಸಲಾಗುತ್ತಿದೆ. ಮುಡಾ ಕಚೇರಿಯಲ್ಲೂ ದಾಖಲೆ ಪರಿಶೀಲನೆ ನಡೆದಿದ್ದು ಅಧಿಕಾರಿಗಳನ್ನು ವಿಚಾರಣೆಗೆ ಒಳಪಡಿಸಲಾಗಿದೆ.
ಮೈಸೂರು: ಮುಡಾ ನಿವೇಶನ ಹಂಚಿಕೆಯಲ್ಲಿ ಅಕ್ರಮ ನಡೆದಿದೆ ಎಂಬ ಆರೋಪ ಸಂಬಂಧ ತನಿಖೆ ಚುರುಕುಗೊಳಿಸಿರುವ ಜಾರಿ ನಿರ್ದೇಶನಾಲಯ (ಇಡಿ) ಅಧಿಕಾರಿಗಳು ವಕ್ರತುಂಡ ಸೊಸೈಟಿ ಹೆಸರಿನಲ್ಲಿ ನಡೆದಿರುವ ವ್ಯವಹಾರಗಳ ಬಗ್ಗೆ ಮಾಹಿತಿ ಕಲೆ ಹಾಕುತ್ತಿದ್ದಾರೆ. ಸೊಸೈಟಿ ಹೆಸರಿನಲ್ಲಿ ಬಹುದೊಡ್ಡ ಭ್ರಷ್ಟಾಚಾರ ನಡೆದಿರಬಹುದು ಎಂಬ ಶಂಕೆ ವ್ಯಕ್ತವಾಗಿದೆ. ಸೊಸೈಟಿಗೆ ಸೇರಿದ ದಾಖಲೆಗಳನ್ನು ವಶಕ್ಕೆ ಪಡೆದು ಪರಿಶೀಲನೆ ನಡೆಸಲಾಗುತ್ತಿದೆ. ಮುಡಾ ಕಚೇರಿಯಲ್ಲೂ ದಾಖಲೆ ಪರಿಶೀಲನೆ ನಡೆದಿದ್ದು ಅಧಿಕಾರಿಗಳನ್ನು ವಿಚಾರಣೆಗೆ ಒಳಪಡಿಸಲಾಗಿದೆ.
ಮೈಸೂರಿನ ಎಂಎಂಡಿಎ ಕನ್ನಕನ್ನನ್ ಕಚೇರಿ
ಬೆಂಗಳೂರು ಮನೆಯಲ್ಲಿ ಗೋವಾ ಮದ್ಯ 5 ಲಕ್ಷ ರೂ. ಮೌಲ್ಯದ 144 ಬಾಟಲಿ ಜಪ್ತಿ
ಬೆಂಗಳೂರು: ನಗರದ ದಕ್ಷಿಣ ವಿಭಾಗ ಅಬಕಾರಿ ಅಧಿಕಾರಿಗಳು ಖಚಿತ ಮಾಹಿತಿ ಮೇರೆಗೆ ಮನೆಯೊಂದರ ಮೇಲೆ ದಾಳಿ ನಡೆಸಿ 5 ಲಕ್ಷ ರೂ. ಮೌಲ್ಯದ 144 ಬಾಟಲಿ ಗೋವಾ ಮದ್ಯ ಜಪ್ತಿ ಮಾಡಿದ್ದಾರೆ. ಗೋವಾದಿಂದ ಅಕ್ರಮವಾಗಿ ಮದ್ಯ ತಂದು ನಗರದಲ್ಲಿ ಮಾರಾಟ ಮಾಡುತ್ತಿದ್ದ ಆರೋಪಿಯನ್ನು ಬಂಧಿಸಲಾಗಿದೆ. ವಿವಿಧ ಬ್ರಾಂಡ್ ಗಳ ಮದ್ಯದ ಬಾಟಲಿಗಳು ಪತ್ತೆಯಾಗಿವೆ. ಆರೋಪಿ ವಿರುದ್ಧ ಅಬಕಾರಿ ಕಾಯ್ದೆ 1965ರ ಕಲಂ 11, 14, 15, 38(ಎ), 43(ಎ) ಅಡಿ ಪ್ರಕರಣ ದಾಖಲಿಸಿಕೊಂಡು ತನಿಖೆ ಮುಂದುವರಿಸಲಾಗಿದೆ.
ಬೆಂಗಳೂರು: ನಗರದ ದಕ್ಷಿಣ ವಿಭಾಗ ಅಬಕಾರಿ ಅಧಿಕಾರಿಗಳು ಖಚಿತ ಮಾಹಿತಿ ಮೇರೆಗೆ ಮನೆಯೊಂದರ ಮೇಲೆ ದಾಳಿ ನಡೆಸಿ 5 ಲಕ್ಷ ರೂ. ಮೌಲ್ಯದ 144 ಬಾಟಲಿ ಗೋವಾ ಮದ್ಯ ಜಪ್ತಿ ಮಾಡಿದ್ದಾರೆ. ಗೋವಾದಿಂದ ಅಕ್ರಮವಾಗಿ ಮದ್ಯ ತಂದು ನಗರದಲ್ಲಿ ಮಾರಾಟ ಮಾಡುತ್ತಿದ್ದ ಆರೋಪಿಯನ್ನು ಬಂಧಿಸಲಾಗಿದೆ. ವಿವಿಧ ಬ್ರಾಂಡ್ ಗಳ ಮದ್ಯದ ಬಾಟಲಿಗಳು ಪತ್ತೆಯಾಗಿವೆ. ಆರೋಪಿ ವಿರುದ್ಧ ಅಬಕಾರಿ ಕಾಯ್ದೆ 1965ರ ಕಲಂ 11, 14, 15, 38(ಎ), 43(ಎ) ಅಡಿ ಪ್ರಕರಣ ದಾಖಲಿಸಿಕೊಂಡು ತನಿಖೆ ಮುಂದುವರಿಸಲಾಗಿದೆ.
ಬೆಂಗಳೂರು: ನಗರದ ದಕ್ಷಿಣ ವಿಭಾಗ ಅಬಕಾರಿ ಅಧಿಕಾರಿಗಳು ಖಚಿತ ಮಾಹಿತಿ ಮೇರೆಗೆ ಮನೆಯೊಂದರ ಮೇಲೆ ದಾಳಿ ನಡೆಸಿ 5 ಲಕ್ಷ ರೂ. ಮೌಲ್ಯದ 144 ಬಾಟಲಿ ಗೋವಾ ಮದ್ಯ ಜಪ್ತಿ ಮಾಡಿದ್ದಾರೆ. ಗೋವಾದಿಂದ ಅಕ್ರಮವಾಗಿ ಮದ್ಯ ತಂದು ನಗರದಲ್ಲಿ ಮಾರಾಟ ಮಾಡುತ್ತಿದ್ದ ಆರೋಪಿಯನ್ನು ಬಂಧಿಸಲಾಗಿದೆ. ವಿವಿಧ ಬ್ರಾಂಡ್ ಗಳ ಮದ್ಯದ ಬಾಟಲಿಗಳು ಪತ್ತೆಯಾಗಿವೆ. ಆರೋಪಿ ವಿರುದ್ಧ ಅಬಕಾರಿ ಕಾಯ್ದೆ 1965ರ ಕಲಂ 11, 14, 15, 38(ಎ), 43(ಎ) ಅಡಿ ಪ್ರಕರಣ ದಾಖಲಿಸಿಕೊಂಡು ತನಿಖೆ ಮುಂದುವರಿಸಲಾಗಿದೆ.
ಉಪಚುನಾವಣೆಗೆ ಬಿಜೆಪಿ ಸ್ಟಾರ್ ಪ್ರಚಾರಕರ ಪಟ್ಟಿ ಬಿಡುಗಡೆ? ಯತ್ನಾಳ್, ಪ್ರತಾಪ್ ಸಿಂಹ, ಯದುವೀರ್, ಸುಮಲತಾಗೆ ಕೊಕ್
ಬೆಂಗಳೂರು: ಮೂರು ವಿಧಾನಸಭಾ ಕ್ಷೇತ್ರಗಳ ಉಪಚುನಾವಣೆಗೆ ಬಿಜೆಪಿ ಸ್ಟಾರ್ ಪ್ರಚಾರಕರ ಪಟ್ಟಿ ಬಿಡುಗಡೆ ಮಾಡಿದ್ದು, ಪಟ್ಟಿಯಲ್ಲಿ 40 ನಾಯಕರ ಹೆಸರು ಇದೆ. ಶಾಸಕ ಬಸನಗೌಡ ಪಾಟೀಲ್ ಯತ್ನಾಳ್, ಮಾಜಿ ಸಂಸದ ಪ್ರತಾಪ್ ಸಿಂಹ, ಸಂಸದ ಯದುವೀರ್ ಒಡೆಯರ್ ಹಾಗೂ ಸುಮಲತಾ ಅಂಬರೀಶ್ ಅವರಿಗೆ ಪಟ್ಟಿಯಲ್ಲಿ ಸ್ಥಾನ ನೀಡಲಾಗಿಲ್ಲ. ಪಟ್ಟಿಯಲ್ಲಿ ಬಿ.ಎಸ್.ಯಡಿಯೂರಪ್ಪ, ಪ್ರಲ್ಹಾದ್ ಜೋಶಿ, ಆರ್.ಅಶೋಕ್, ಬಿ.ವೈ.ವಿಜಯೇಂದ್ರ ಸೇರಿದಂತೆ ಪ್ರಮುಖರ ಹೆಸರುಗಳಿವೆ. ಸ್ಟಾರ್ ಪ್ರಚಾರಕರ ಪಟ್ಟಿ ಬಗ್ಗೆ ಪಕ್ಷದಲ್ಲಿ ಅಸಮಾಧಾನ ವ್ಯಕ್ತವಾಗಿದೆ.
ಬೆಂಗಳೂರು: ಮೂರು ವಿಧಾನಸಭಾ ಕ್ಷೇತ್ರಗಳ ಉಪಚುನಾವಣೆಗೆ ಬಿಜೆಪಿ ಸ್ಟಾರ್ ಪ್ರಚಾರಕರ ಪಟ್ಟಿ ಬಿಡುಗಡೆ ಮಾಡಿದ್ದು, ಪಟ್ಟಿಯಲ್ಲಿ 40 ನಾಯಕರ ಹೆಸರು ಇದೆ. ಶಾಸಕ ಬಸನಗೌಡ ಪಾಟೀಲ್ ಯತ್ನಾಳ್, ಮಾಜಿ ಸಂಸದ ಪ್ರತಾಪ್ ಸಿಂಹ, ಸಂಸದ ಯದುವೀರ್ ಒಡೆಯರ್ ಹಾಗೂ ಸುಮಲತಾ ಅಂಬರೀಶ್ ಅವರಿಗೆ ಪಟ್ಟಿಯಲ್ಲಿ ಸ್ಥಾನ ನೀಡಲಾಗಿಲ್ಲ. ಪಟ್ಟಿಯಲ್ಲಿ ಬಿ.ಎಸ್.ಯಡಿಯೂರಪ್ಪ, ಪ್ರಲ್ಹಾದ್ ಜೋಶಿ, ಆರ್.ಅಶೋಕ್, ಬಿ.ವೈ.ವಿಜಯೇಂದ್ರ ಸೇರಿದಂತೆ ಪ್ರಮುಖರ ಹೆಸರುಗಳಿವೆ. ಸ್ಟಾರ್ ಪ್ರಚಾರಕರ ಪಟ್ಟಿ ಬಗ್ಗೆ ಪಕ್ಷದಲ್ಲಿ ಅಸಮಾಧಾನ ವ್ಯಕ್ತವಾಗಿದೆ.
ಬೆಂಗಳೂರು: ಮೂರು ವಿಧಾನಸಭಾ ಕ್ಷೇತ್ರಗಳ ಉಪಚುನಾವಣೆಗೆ ಬಿಜೆಪಿ ಸ್ಟಾರ್ ಪ್ರಚಾರಕರ ಪಟ್ಟಿ ಬಿಡುಗಡೆ ಮಾಡಿದ್ದು, ಪಟ್ಟಿಯಲ್ಲಿ 40 ನಾಯಕರ ಹೆಸರು ಇದೆ. ಶಾಸಕ ಬಸನಗೌಡ ಪಾಟೀಲ್ ಯತ್ನಾಳ್, ಮಾಜಿ ಸಂಸದ ಪ್ರತಾಪ್ ಸಿಂಹ, ಸಂಸದ ಯದುವೀರ್ ಒಡೆಯರ್ ಹಾಗೂ ಸುಮಲತಾ ಅಂಬರೀಶ್ ಅವರಿಗೆ ಪಟ್ಟಿಯಲ್ಲಿ ಸ್ಥಾನ ನೀಡಲಾಗಿಲ್ಲ. ಪಟ್ಟಿಯಲ್ಲಿ ಬಿ.ಎಸ್.ಯಡಿಯೂರಪ್ಪ, ಪ್ರಲ್ಹಾದ್ ಜೋಶಿ, ಆರ್.ಅಶೋಕ್, ಬಿ.ವೈ.ವಿಜಯೇಂದ್ರ ಸೇರಿದಂತೆ ಪ್ರಮುಖರ ಹೆಸರುಗಳಿವೆ. ಸ್ಟಾರ್ ಪ್ರಚಾರಕರ ಪಟ್ಟಿ ಬಗ್ಗೆ ಪಕ್ಷದಲ್ಲಿ ಅಸಮಾಧಾನ ವ್ಯಕ್ತವಾಗಿದೆ.
ಮೊದಲನೇ ಪುಟದಿಂದ...
ಮೊದಲನೇ ಪುಟದಿಂದ... ರೈತರ ಜಮೀನು ವಕ್ಫ್ ಆಸ್ತಿ ಎಂದು ನಮೂದಾಗಿರುವ ಬಗ್ಗೆ ಪರಿಶೀಲನೆ ನಡೆಸಲು ಜಿಲ್ಲಾಧಿಕಾರಿಗಳಿಗೆ ಸೂಚನೆ ನೀಡಲಾಗಿದೆ. ರೈತರ ಹಕ್ಕು ರಕ್ಷಣೆಗೆ ಸರ್ಕಾರ ಬದ್ಧವಾಗಿದೆ ಎಂದು ಸಚಿವರು ಸ್ಪಷ್ಟಪಡಿಸಿದ್ದಾರೆ.
ಆರೋಪ
ಕಲಬುರಗಿ: ರೈತರ ಜಮೀನು, ಹಿಂದೂ ದೇವಾಲಯ ಹಾಗೂ ಮಠಗಳ ಆಸ್ತಿ ವಕ್ಫ್ ಎಂದು ನೋಟಿಸ್ ನೀಡುತ್ತಿರುವುದನ್ನು ನೋಡಿದರೆ ಈ ರಾಜ್ಯವನ್ನು ಮಸೀದಿಗಳೇ ನಡೆಸುತ್ತಿರುವ ಹಾಗನ್ನಿಸುತ್ತಿದೆ. ಕೂಡಲೇ ವಕ್ಫ್ ಬೋರ್ಡ್ ರದ್ದುಪಡಿಸಬೇಕು ಎಂದು ವಿಧಾನ ಪರಿಷತ್ ವಿರೋಧ ಪಕ್ಷದ ನಾಯಕ ಛಲವಾದಿ ನಾರಾಯಣಸ್ವಾಮಿ ಆಗ್ರಹಿಸಿದರು. ನಗರದಲ್ಲಿ ಸುದ್ದಿಗೋಷ್ಠಿಯಲ್ಲಿ ಮಾತನಾಡಿದ ಅವರು, ರಾಜ್ಯದಲ್ಲಿ ಕಾಂಗ್ರೆಸ್ ಸರ್ಕಾರ ಬಂದ ನಂತರ ಓಲೈಕೆ ರಾಜಕಾರಣ ಹೆಚ್ಚಾಗಿದೆ. ಜಿಲ್ಲೆಯ ಹಲವು ರೈತರಿಗೆ ನೋಟಿಸ್ ನೀಡಲಾಗಿದೆ. ಸಾವಿರಾರು ಎಕರೆ ಜಮೀನು ವಕ್ಫ್ ಆಸ್ತಿ ಎಂದು ನಮೂದು ಮಾಡಲಾಗಿದೆ. ಇದರ ವಿರುದ್ಧ ಬಿಜೆಪಿ ರಾಜ್ಯಾದ್ಯಂತ ಹೋರಾಟ ನಡೆಸಲಿದೆ. ಮಾಜಿ ಸಚಿವ ಬಾಬುರಾವ್ ಚಿಂಚನಸೂರ, ಶಾಸಕ ಬಸವರಾಜ ಮತ್ತಿಮಡು ಸೇರಿದಂತೆ ಹಲವರು ಉಪಸ್ಥಿತರಿದ್ದರು.
ಡಿ.ಡಿ.ಅಧಿಕಾರಿಗಳು ಕೇಳಿದ ಪ್ರಶ್ನೆಗಳು
ಕಲಬುರಗಿ: ರೈತರ ಜಮೀನು, ಹಿಂದೂ ದೇವಾಲಯ ಹಾಗೂ ಮಠಗಳ ಆಸ್ತಿ ವಕ್ಫ್ ಎಂದು ನೋಟಿಸ್ ನೀಡುತ್ತಿರುವುದನ್ನು ನೋಡಿದರೆ ಈ ರಾಜ್ಯವನ್ನು ಮಸೀದಿಗಳೇ ನಡೆಸುತ್ತಿರುವ ಹಾಗನ್ನಿಸುತ್ತಿದೆ. ಕೂಡಲೇ ವಕ್ಫ್ ಬೋರ್ಡ್ ರದ್ದುಪಡಿಸಬೇಕು ಎಂದು ವಿಧಾನ ಪರಿಷತ್ ವಿರೋಧ ಪಕ್ಷದ ನಾಯಕ ಛಲವಾದಿ ನಾರಾಯಣಸ್ವಾಮಿ ಆಗ್ರಹಿಸಿದರು. ನಗರದಲ್ಲಿ ಸುದ್ದಿಗೋಷ್ಠಿಯಲ್ಲಿ ಮಾತನಾಡಿದ ಅವರು, ರಾಜ್ಯದಲ್ಲಿ ಕಾಂಗ್ರೆಸ್ ಸರ್ಕಾರ ಬಂದ ನಂತರ ಓಲೈಕೆ ರಾಜಕಾರಣ ಹೆಚ್ಚಾಗಿದೆ. ಜಿಲ್ಲೆಯ ಹಲವು ರೈತರಿಗೆ ನೋಟಿಸ್ ನೀಡಲಾಗಿದೆ. ಸಾವಿರಾರು ಎಕರೆ ಜಮೀನು ವಕ್ಫ್ ಆಸ್ತಿ ಎಂದು ನಮೂದು ಮಾಡಲಾಗಿದೆ. ಇದರ ವಿರುದ್ಧ ಬಿಜೆಪಿ ರಾಜ್ಯಾದ್ಯಂತ ಹೋರಾಟ ನಡೆಸಲಿದೆ. ಮಾಜಿ ಸಚಿವ ಬಾಬುರಾವ್ ಚಿಂಚನಸೂರ, ಶಾಸಕ ಬಸವರಾಜ ಮತ್ತಿಮಡು ಸೇರಿದಂತೆ ಹಲವರು ಉಪಸ್ಥಿತರಿದ್ದರು.
